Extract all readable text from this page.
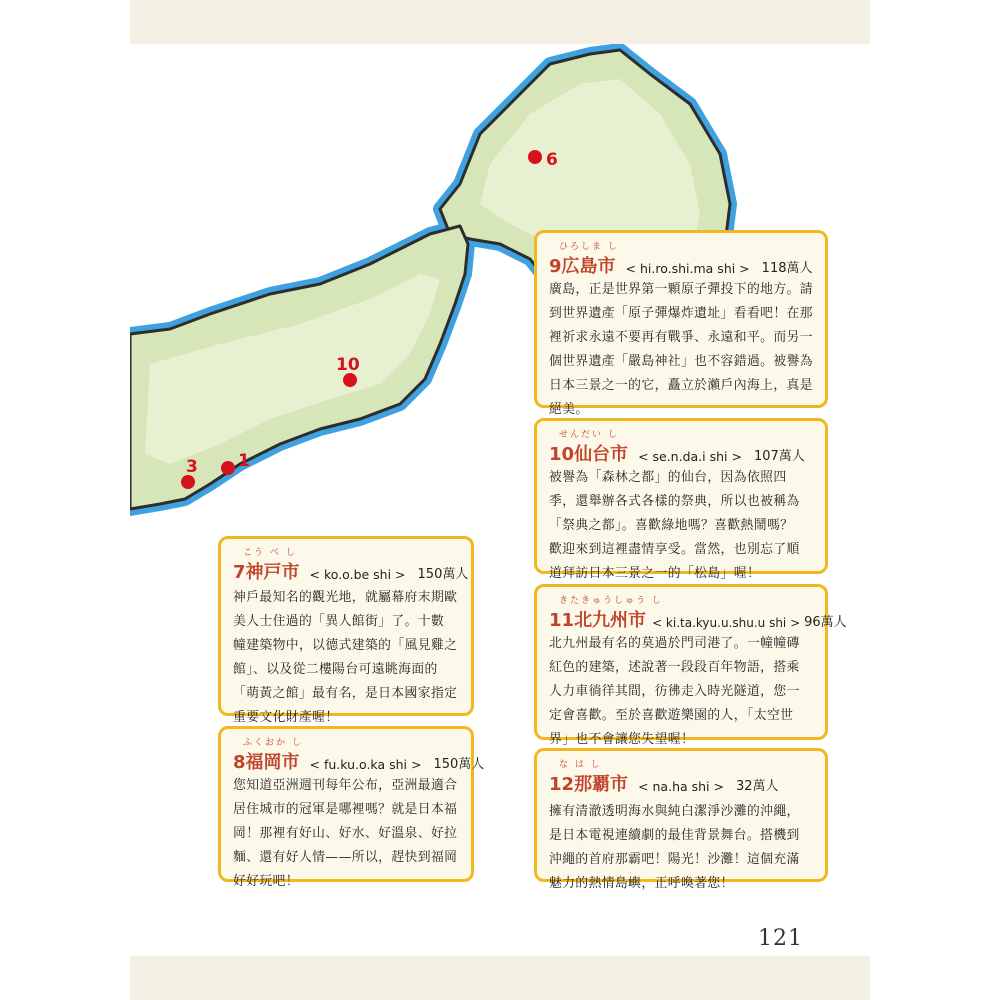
6
10
3 1
ひろしま し
9広島市 < hi.ro.shi.ma shi > 118萬人
廣島，正是世界第一顆原子彈投下的地方。請
到世界遺產「原子彈爆炸遺址」看看吧！在那
裡祈求永遠不要再有戰爭、永遠和平。而另一
個世界遺產「嚴島神社」也不容錯過。被譽為
日本三景之一的它，矗立於瀨戶內海上，真是
絕美。
せんだい し
10仙台市 < se.n.da.i shi > 107萬人
被譽為「森林之都」的仙台，因為依照四
季，還舉辦各式各樣的祭典，所以也被稱為
「祭典之都」。喜歡綠地嗎？喜歡熱鬧嗎？
歡迎來到這裡盡情享受。當然，也別忘了順
道拜訪日本三景之一的「松島」喔！
こう べ し
7神戸市 < ko.o.be shi > 150萬人
神戶最知名的觀光地，就屬幕府末期歐
美人士住過的「異人館街」了。十數
幢建築物中，以德式建築的「風見雞之
館」、以及從二樓陽台可遠眺海面的
「萌黃之館」最有名，是日本國家指定
重要文化財產喔！
きたきゅうしゅう し
11北九州市 < ki.ta.kyu.u.shu.u shi > 96萬人
北九州最有名的莫過於門司港了。一幢幢磚
紅色的建築，述說著一段段百年物語，搭乘
人力車徜徉其間，彷彿走入時光隧道，您一
定會喜歡。至於喜歡遊樂園的人，「太空世
界」也不會讓您失望喔！
ふくおか し
8福岡市 < fu.ku.o.ka shi > 150萬人
您知道亞洲週刊每年公布，亞洲最適合
居住城市的冠軍是哪裡嗎？就是日本福
岡！那裡有好山、好水、好溫泉、好拉
麵、還有好人情——所以，趕快到福岡
好好玩吧！
な は し
12那覇市 < na.ha shi > 32萬人
擁有清澈透明海水與純白潔淨沙灘的沖繩，
是日本電視連續劇的最佳背景舞台。搭機到
沖繩的首府那霸吧！陽光！沙灘！這個充滿
魅力的熱情島嶼，正呼喚著您！
121
